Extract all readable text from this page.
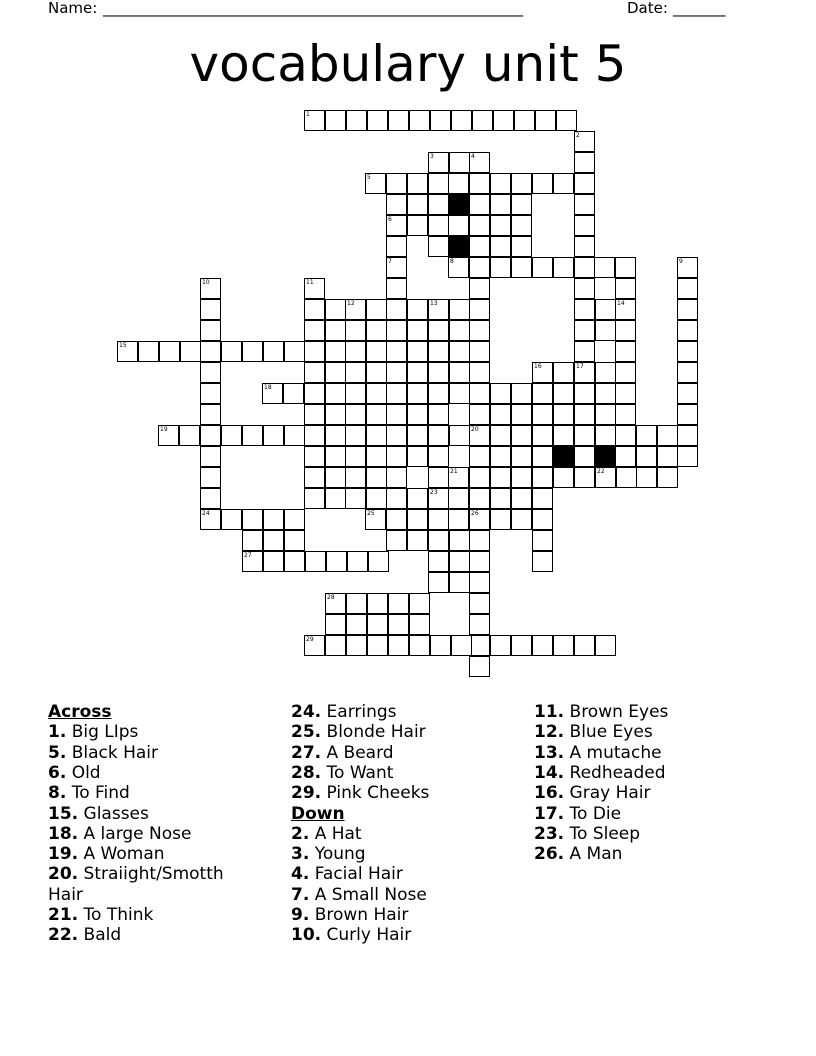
Name: ________________________________________________________	Date: _______
vocabulary unit 5
1
2
3	4
5
6
8
7	9
10	11
12	13	14
15
16	17
18
19	20
21	22
23
24	25	26
27
28
29
Across
1. Big LIps
5. Black Hair
6. Old
8. To Find
15. Glasses
18. A large Nose
19. A Woman
20. Straiight/Smotth
Hair
21. To Think
22. Bald
24. Earrings
25. Blonde Hair
27. A Beard
28. To Want
29. Pink Cheeks
Down
2. A Hat
3. Young
4. Facial Hair
7. A Small Nose
9. Brown Hair
10. Curly Hair
11. Brown Eyes
12. Blue Eyes
13. A mutache
14. Redheaded
16. Gray Hair
17. To Die
23. To Sleep
26. A Man
